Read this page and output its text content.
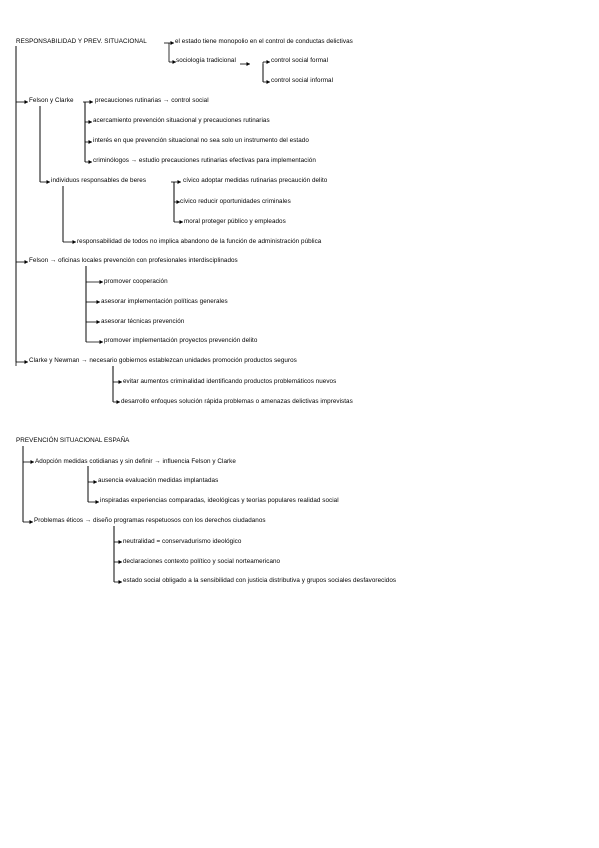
RESPONSABILIDAD Y PREV. SITUACIONAL	el estado tiene monopolio en el control de conductas delictivas
sociología tradicional	control social formal
control social informal
Felson y Clarke	precauciones rutinarias → control social
acercamiento prevención situacional y precauciones rutinarias
interés en que prevención situacional no sea solo un instrumento del estado
criminólogos → estudio precauciones rutinarias efectivas para implementación
individuos responsables de beres	cívico adoptar medidas rutinarias precaución delito
cívico reducir oportunidades criminales
moral proteger público y empleados
responsabilidad de todos no implica abandono de la función de administración pública
Felson → oficinas locales prevención con profesionales interdisciplinados
promover cooperación
asesorar implementación políticas generales
asesorar técnicas prevención
promover implementación proyectos prevención delito
Clarke y Newman → necesario gobiernos establezcan unidades promoción productos seguros
evitar aumentos criminalidad identificando productos problemáticos nuevos
desarrollo enfoques solución rápida problemas o amenazas delictivas imprevistas
PREVENCIÓN SITUACIONAL ESPAÑA
Adopción medidas cotidianas y sin definir → influencia Felson y Clarke
ausencia evaluación medidas implantadas
inspiradas experiencias comparadas, ideológicas y teorías populares realidad social
Problemas éticos → diseño programas respetuosos con los derechos ciudadanos
neutralidad = conservadurismo ideológico
declaraciones contexto político y social norteamericano
estado social obligado a la sensibilidad con justicia distributiva y grupos sociales desfavorecidos
